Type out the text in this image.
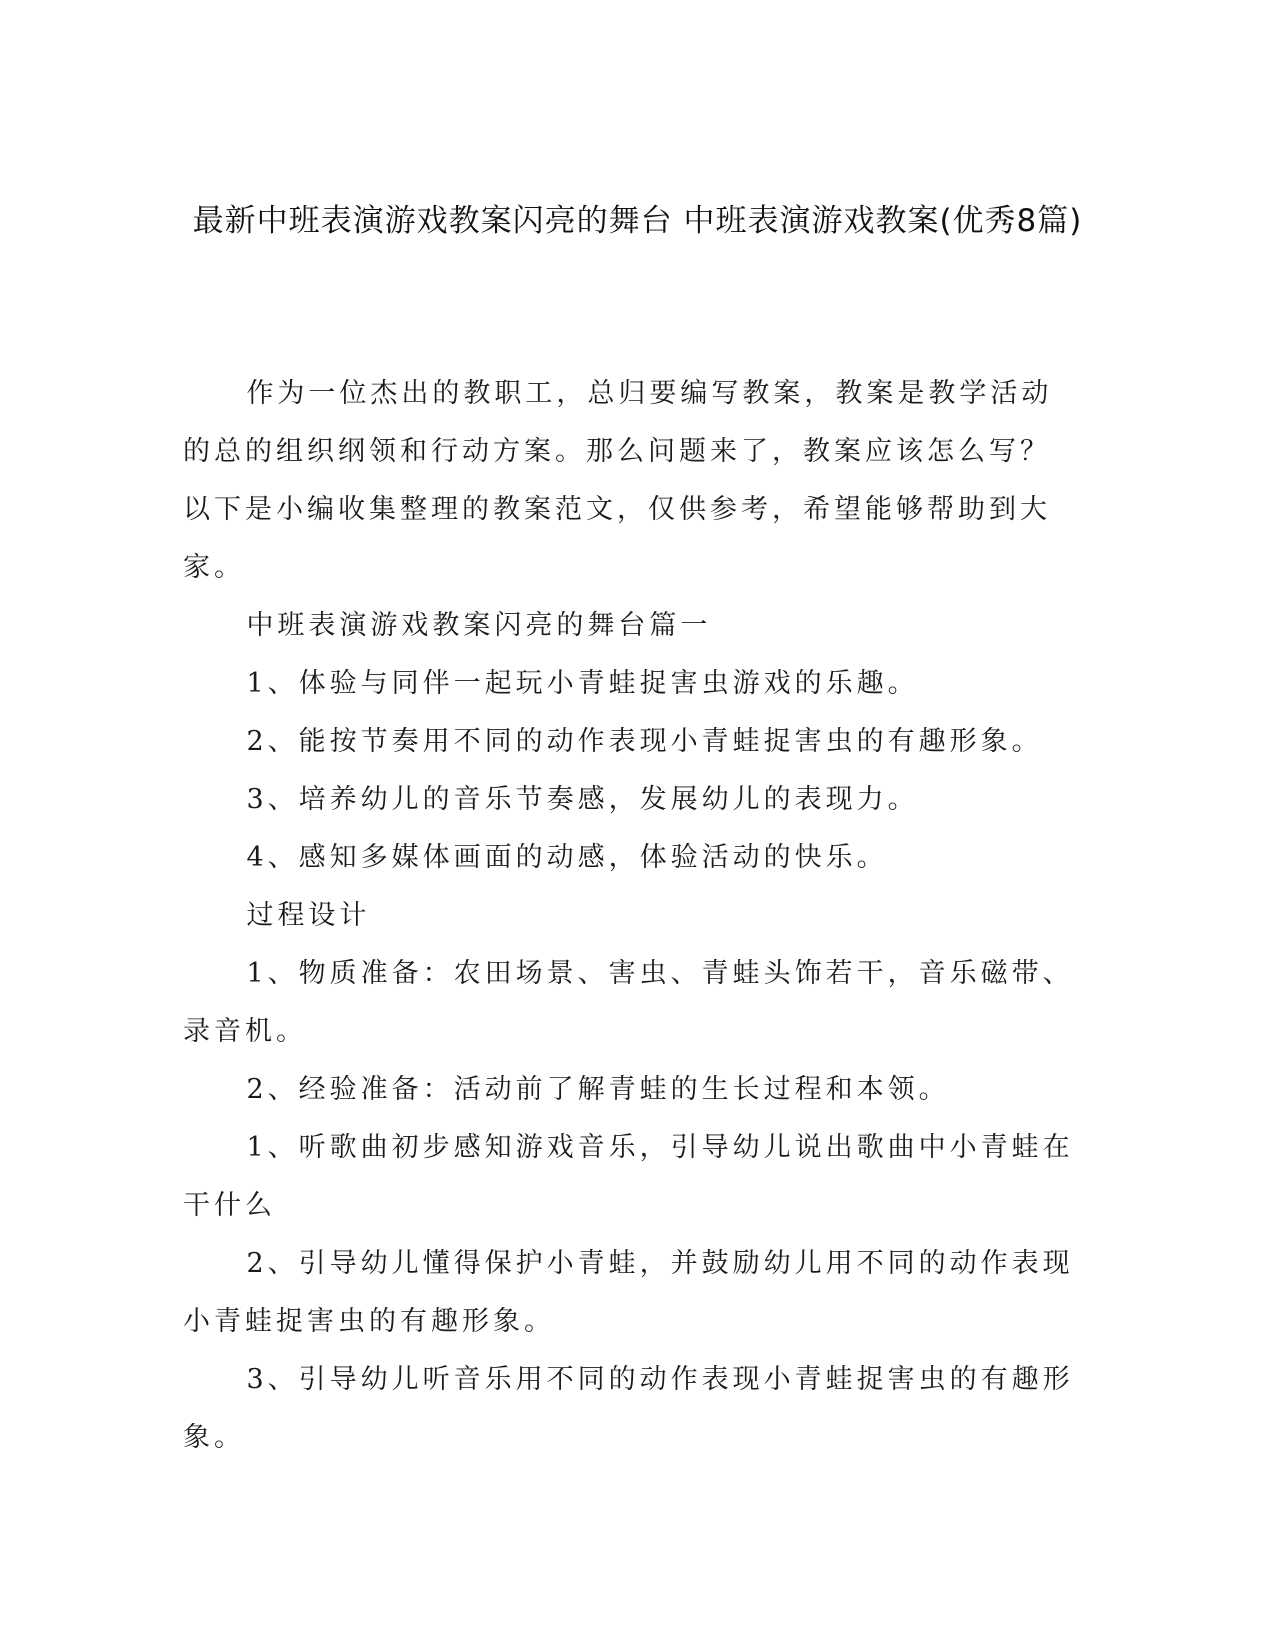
最新中班表演游戏教案闪亮的舞台 中班表演游戏教案(优秀8篇)

作为一位杰出的教职工，总归要编写教案，教案是教学活动的总的组织纲领和行动方案。那么问题来了，教案应该怎么写？以下是小编收集整理的教案范文，仅供参考，希望能够帮助到大家。

中班表演游戏教案闪亮的舞台篇一

1、体验与同伴一起玩小青蛙捉害虫游戏的乐趣。

2、能按节奏用不同的动作表现小青蛙捉害虫的有趣形象。

3、培养幼儿的音乐节奏感，发展幼儿的表现力。

4、感知多媒体画面的动感，体验活动的快乐。

过程设计

1、物质准备：农田场景、害虫、青蛙头饰若干，音乐磁带、录音机。

2、经验准备：活动前了解青蛙的生长过程和本领。

1、听歌曲初步感知游戏音乐，引导幼儿说出歌曲中小青蛙在干什么

2、引导幼儿懂得保护小青蛙，并鼓励幼儿用不同的动作表现小青蛙捉害虫的有趣形象。

3、引导幼儿听音乐用不同的动作表现小青蛙捉害虫的有趣形象。
